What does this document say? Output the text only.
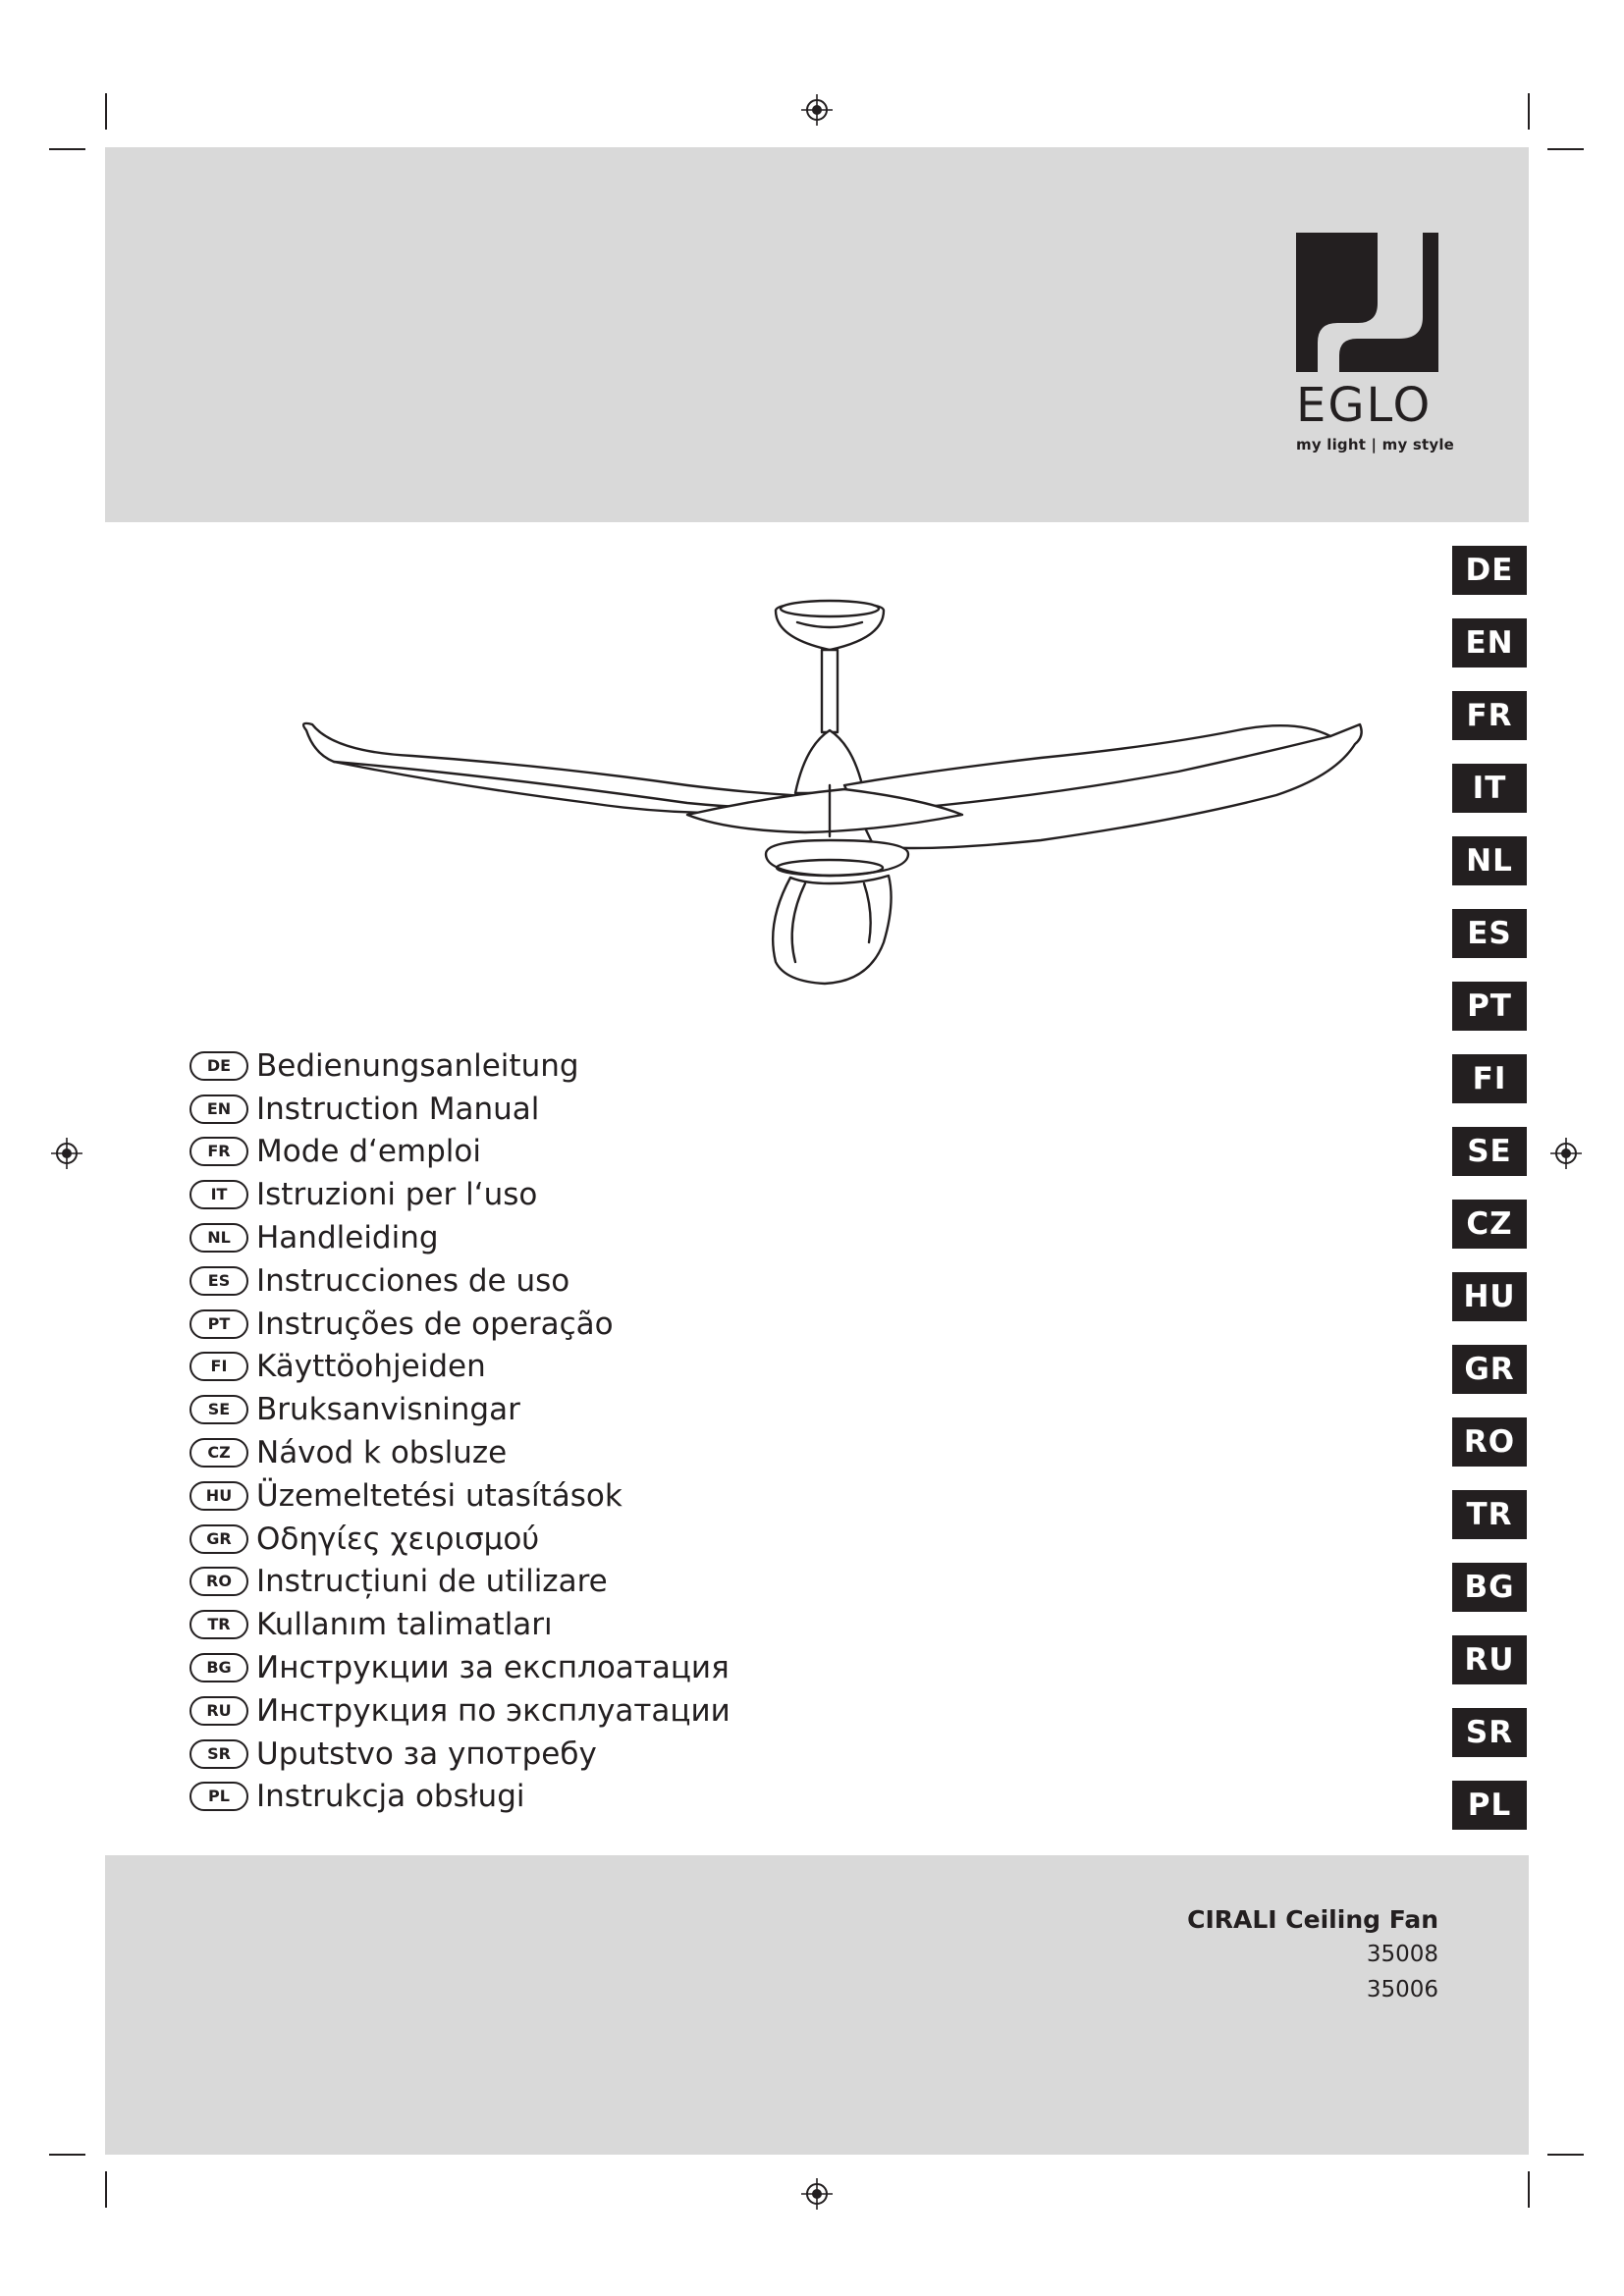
EGLO
my light | my style
DE Bedienungsanleitung
EN Instruction Manual
FR Mode d‘emploi
IT Istruzioni per l‘uso
NL Handleiding
ES Instrucciones de uso
PT Instruções de operação
FI Käyttöohjeiden
SE Bruksanvisningar
CZ Návod k obsluze
HU Üzemeltetési utasítások
GR Οδηγίες χειρισμού
RO Instrucțiuni de utilizare
TR Kullanım talimatları
BG Инструкции за експлоатация
RU Инструкция по эксплуатации
SR Uputstvo за употребу
PL Instrukcja obsługi
DE
EN
FR
IT
NL
ES
PT
FI
SE
CZ
HU
GR
RO
TR
BG
RU
SR
PL
CIRALI Ceiling Fan
35008
35006
